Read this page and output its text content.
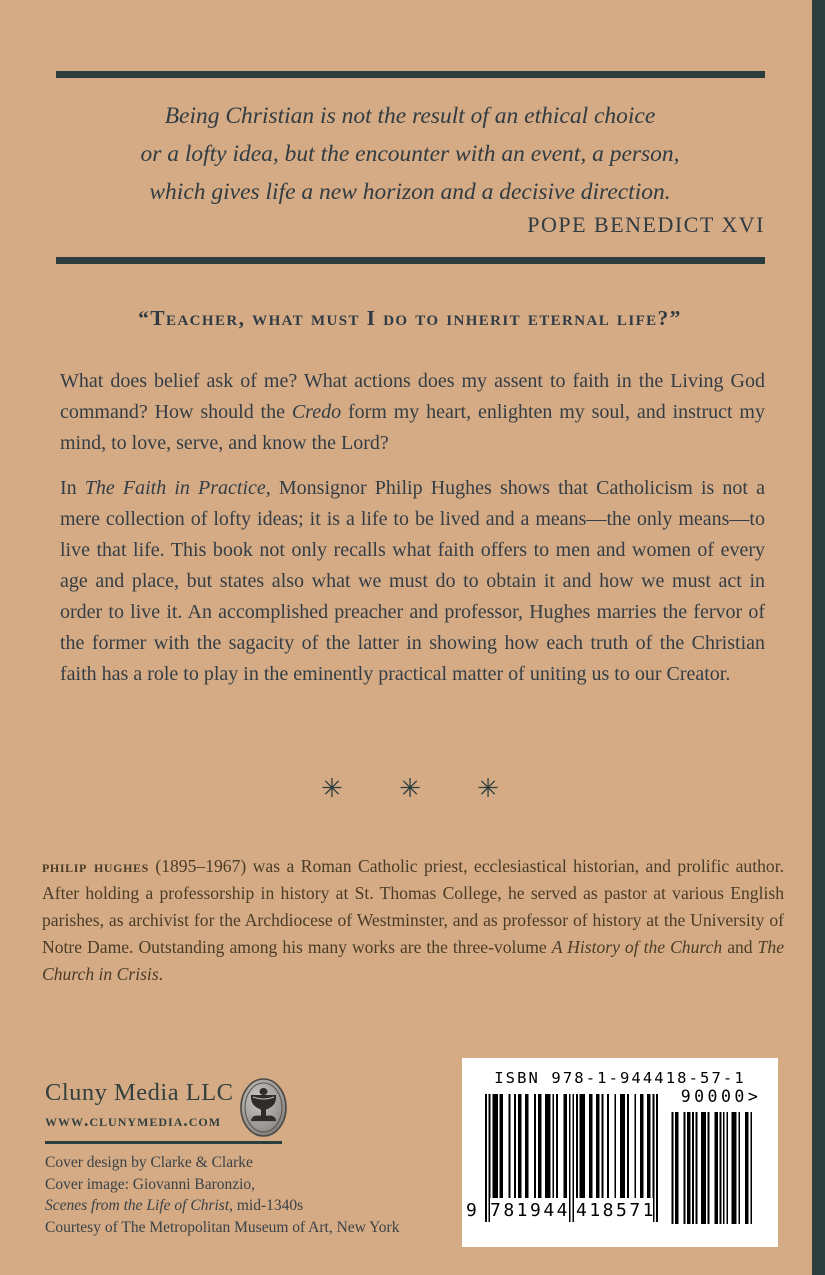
Being Christian is not the result of an ethical choice
or a lofty idea, but the encounter with an event, a person,
which gives life a new horizon and a decisive direction.
POPE BENEDICT XVI
“Teacher, what must I do to inherit eternal life?”

What does belief ask of me? What actions does my assent to faith in the Living God command? How should the Credo form my heart, enlighten my soul, and instruct my mind, to love, serve, and know the Lord?

In The Faith in Practice, Monsignor Philip Hughes shows that Catholicism is not a mere collection of lofty ideas; it is a life to be lived and a means—the only means—to live that life. This book not only recalls what faith offers to men and women of every age and place, but states also what we must do to obtain it and how we must act in order to live it. An accomplished preacher and professor, Hughes marries the fervor of the former with the sagacity of the latter in showing how each truth of the Christian faith has a role to play in the eminently practical matter of uniting us to our Creator.

✳ ✳ ✳

philip hughes (1895–1967) was a Roman Catholic priest, ecclesiastical historian, and prolific author. After holding a professorship in history at St. Thomas College, he served as pastor at various English parishes, as archivist for the Archdiocese of Westminster, and as professor of history at the University of Notre Dame. Outstanding among his many works are the three-volume A History of the Church and The Church in Crisis.

Cluny Media LLC
www.clunymedia.com
Cover design by Clarke & Clarke
Cover image: Giovanni Baronzio,
Scenes from the Life of Christ, mid-1340s
Courtesy of The Metropolitan Museum of Art, New York
ISBN 978-1-944418-57-1
9 781944 418571
90000>
